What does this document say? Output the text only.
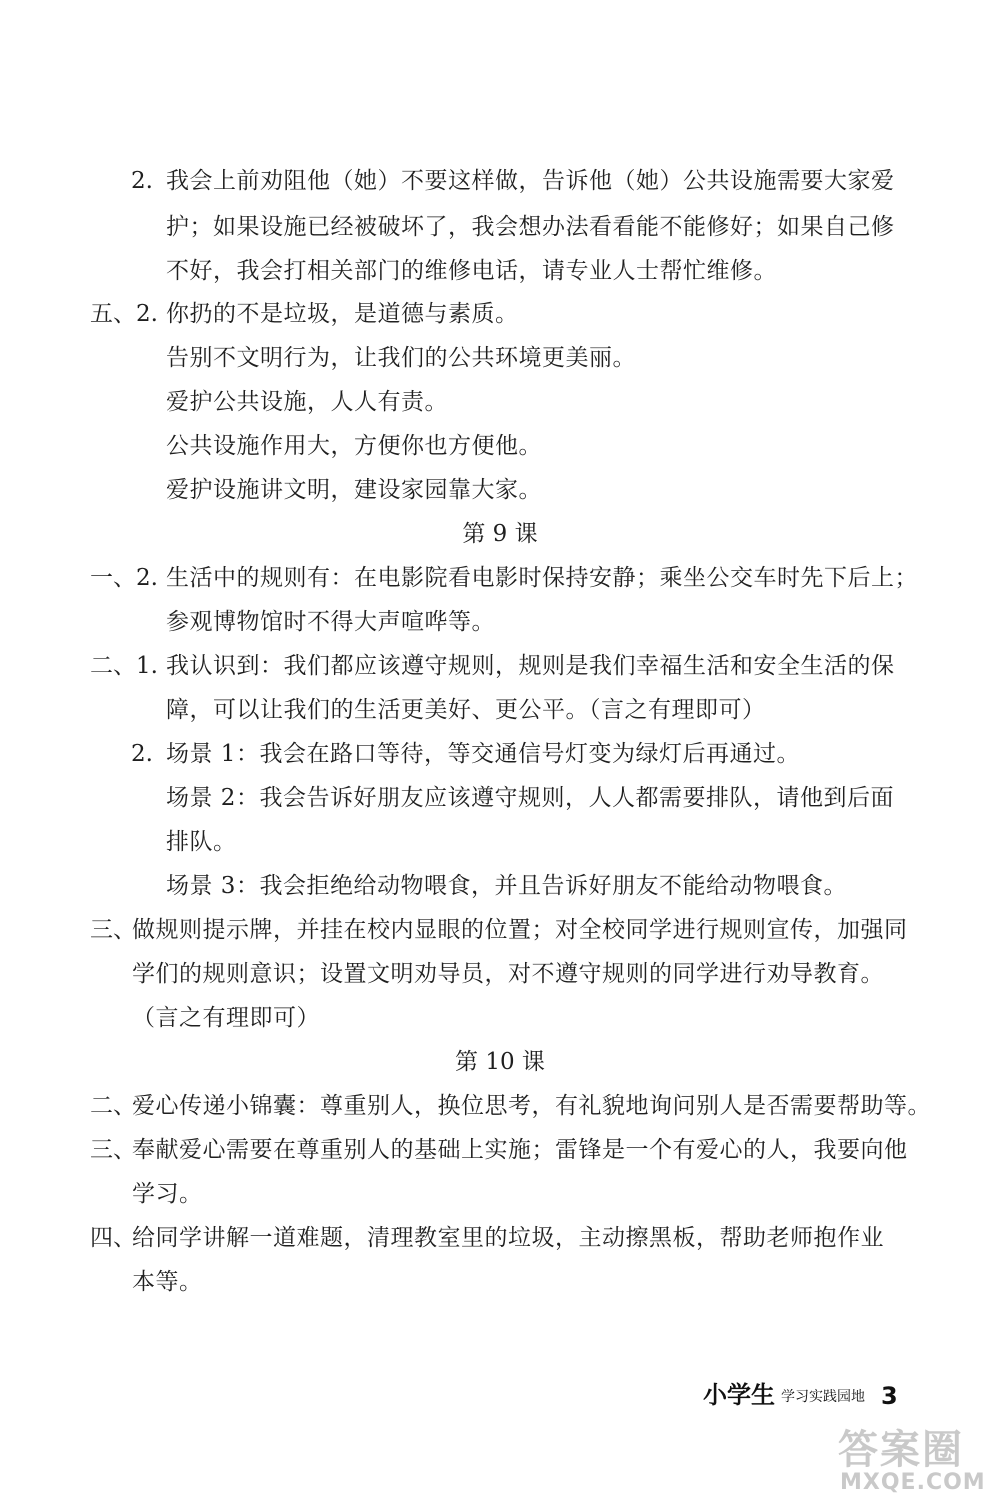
2. 我会上前劝阻他（她）不要这样做，告诉他（她）公共设施需要大家爱
护；如果设施已经被破坏了，我会想办法看看能不能修好；如果自己修
不好，我会打相关部门的维修电话，请专业人士帮忙维修。
五、2. 你扔的不是垃圾，是道德与素质。
告别不文明行为，让我们的公共环境更美丽。
爱护公共设施，人人有责。
公共设施作用大，方便你也方便他。
爱护设施讲文明，建设家园靠大家。
第 9 课
一、2. 生活中的规则有：在电影院看电影时保持安静；乘坐公交车时先下后上；
参观博物馆时不得大声喧哗等。
二、1. 我认识到：我们都应该遵守规则，规则是我们幸福生活和安全生活的保
障，可以让我们的生活更美好、更公平。（言之有理即可）
2. 场景 1：我会在路口等待，等交通信号灯变为绿灯后再通过。
场景 2：我会告诉好朋友应该遵守规则，人人都需要排队，请他到后面
排队。
场景 3：我会拒绝给动物喂食，并且告诉好朋友不能给动物喂食。
三、
做规则提示牌，并挂在校内显眼的位置；对全校同学进行规则宣传，加强同
学们的规则意识；设置文明劝导员，对不遵守规则的同学进行劝导教育。
（言之有理即可）
第 10 课
二、
爱心传递小锦囊：尊重别人，换位思考，有礼貌地询问别人是否需要帮助等。
三、
奉献爱心需要在尊重别人的基础上实施；雷锋是一个有爱心的人，我要向他
学习。
四、
给同学讲解一道难题，清理教室里的垃圾，主动擦黑板，帮助老师抱作业
本等。
小学生 学习实践园地 3
答案圈
MXQE.COM
